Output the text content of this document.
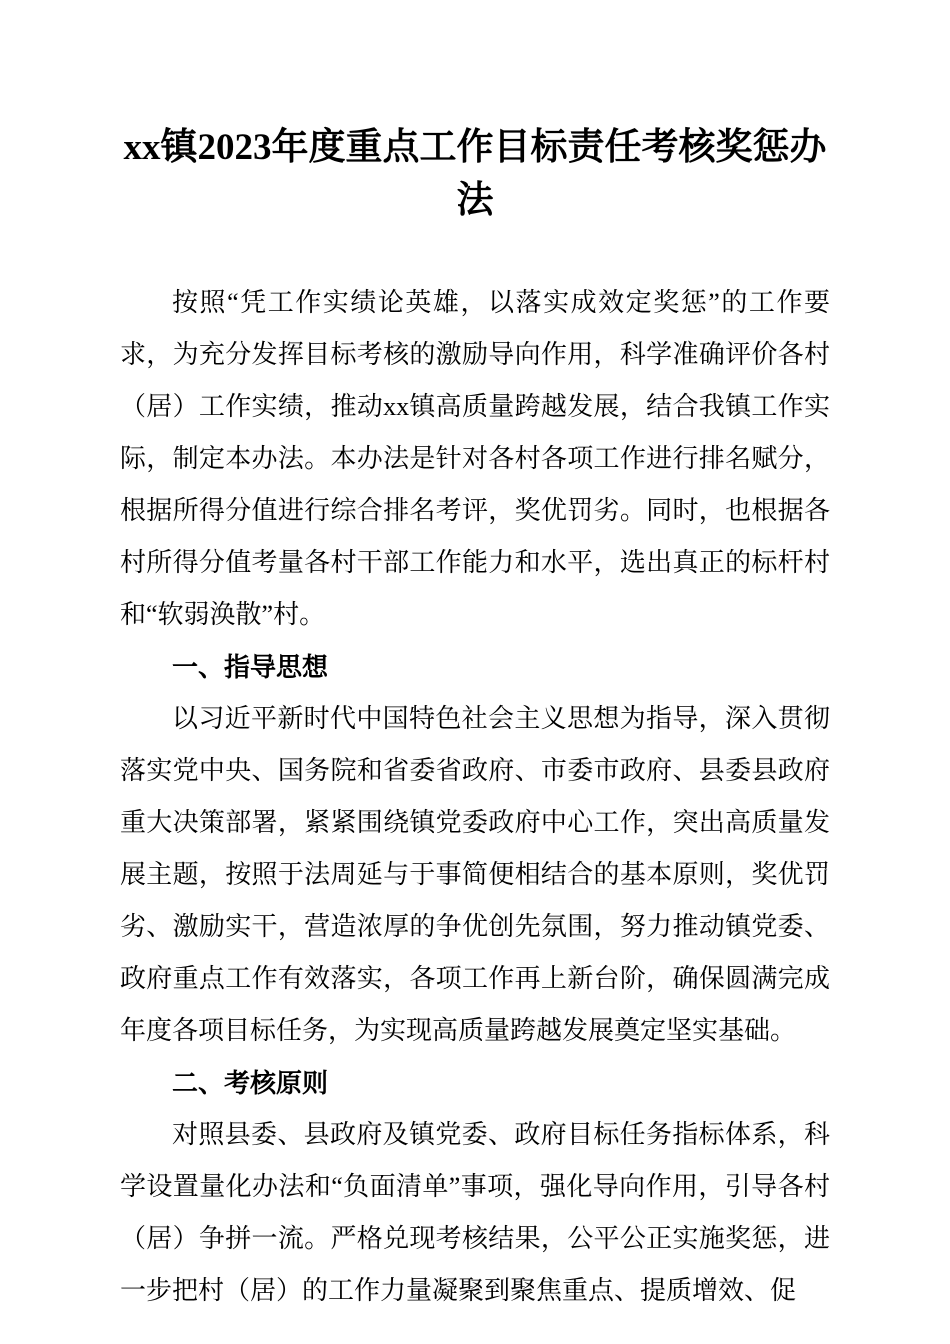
xx镇2023年度重点工作目标责任考核奖惩办法

按照“凭工作实绩论英雄，以落实成效定奖惩”的工作要求，为充分发挥目标考核的激励导向作用，科学准确评价各村（居）工作实绩，推动xx镇高质量跨越发展，结合我镇工作实际，制定本办法。本办法是针对各村各项工作进行排名赋分，根据所得分值进行综合排名考评，奖优罚劣。同时，也根据各村所得分值考量各村干部工作能力和水平，选出真正的标杆村和“软弱涣散”村。

一、指导思想

以习近平新时代中国特色社会主义思想为指导，深入贯彻落实党中央、国务院和省委省政府、市委市政府、县委县政府重大决策部署，紧紧围绕镇党委政府中心工作，突出高质量发展主题，按照于法周延与于事简便相结合的基本原则，奖优罚劣、激励实干，营造浓厚的争优创先氛围，努力推动镇党委、政府重点工作有效落实，各项工作再上新台阶，确保圆满完成年度各项目标任务，为实现高质量跨越发展奠定坚实基础。

二、考核原则

对照县委、县政府及镇党委、政府目标任务指标体系，科学设置量化办法和“负面清单”事项，强化导向作用，引导各村（居）争拼一流。严格兑现考核结果，公平公正实施奖惩，进一步把村（居）的工作力量凝聚到聚焦重点、提质增效、促
